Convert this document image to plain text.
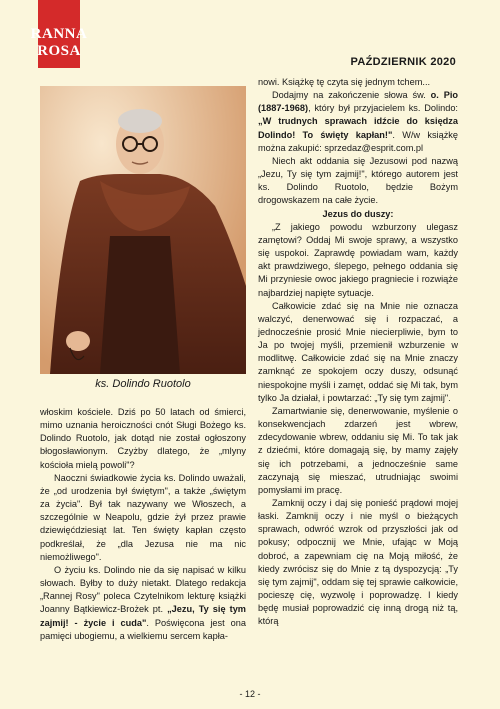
RANNA
ROSA
PAŹDZIERNIK 2020
ks. Dolindo Ruotolo

włoskim kościele. Dziś po 50 latach od śmierci, mimo uznania heroiczności cnót Sługi Bożego ks. Dolindo Ruotolo, jak dotąd nie został ogłoszony błogosławionym. Czyżby dlatego, że „mlyny kościoła mielą powoli"?

Naoczni świadkowie życia ks. Dolindo uważali, że „od urodzenia był świętym", a także „świętym za życia". Był tak nazywany we Włoszech, a szczególnie w Neapolu, gdzie żył przez prawie dziewięćdziesiąt lat. Ten święty kapłan często podkreślał, że „dla Jezusa nie ma nic niemożliwego".

O życiu ks. Dolindo nie da się napisać w kilku słowach. Byłby to duży nietakt. Dlatego redakcja „Rannej Rosy" poleca Czytelnikom lekturę książki Joanny Bątkiewicz-Brożek pt. „Jezu, Ty się tym zajmij! - życie i cuda". Poświęcona jest ona pamięci ubogiemu, a wielkiemu sercem kapła-

nowi. Książkę tę czyta się jednym tchem...

Dodajmy na zakończenie słowa św. o. Pio (1887-1968), który był przyjacielem ks. Dolindo: „W trudnych sprawach idźcie do księdza Dolindo! To święty kapłan!". W/w książkę można zakupić: sprzedaz@esprit.com.pl

Niech akt oddania się Jezusowi pod nazwą „Jezu, Ty się tym zajmij!", którego autorem jest ks. Dolindo Ruotolo, będzie Bożym drogowskazem na całe życie.

Jezus do duszy:

„Z jakiego powodu wzburzony ulegasz zamętowi? Oddaj Mi swoje sprawy, a wszystko się uspokoi. Zaprawdę powiadam wam, każdy akt prawdziwego, ślepego, pełnego oddania się Mi przyniesie owoc jakiego pragniecie i rozwiąże najbardziej napięte sytuacje.

Całkowicie zdać się na Mnie nie oznacza walczyć, denerwować się i rozpaczać, a jednocześnie prosić Mnie niecierpliwie, bym to Ja po twojej myśli, przemienił wzburzenie w modlitwę. Całkowicie zdać się na Mnie znaczy zamknąć ze spokojem oczy duszy, odsunąć niespokojne myśli i zamęt, oddać się Mi tak, bym tylko Ja działał, i powtarzać: „Ty się tym zajmij".

Zamartwianie się, denerwowanie, myślenie o konsekwencjach zdarzeń jest wbrew, zdecydowanie wbrew, oddaniu się Mi. To tak jak z dziećmi, które domagają się, by mamy zajęły się ich potrzebami, a jednocześnie same zaczynają się mieszać, utrudniając swoimi pomysłami im pracę.

Zamknij oczy i daj się ponieść prądowi mojej łaski. Zamknij oczy i nie myśl o bieżących sprawach, odwróć wzrok od przyszłości jak od pokusy; odpocznij we Mnie, ufając w Moją dobroć, a zapewniam cię na Moją miłość, że kiedy zwrócisz się do Mnie z tą dyspozycją: „Ty się tym zajmij", oddam się tej sprawie całkowicie, pocieszę cię, wyzwolę i poprowadzę. I kiedy będę musiał poprowadzić cię inną drogą niż tą, którą

- 12 -
